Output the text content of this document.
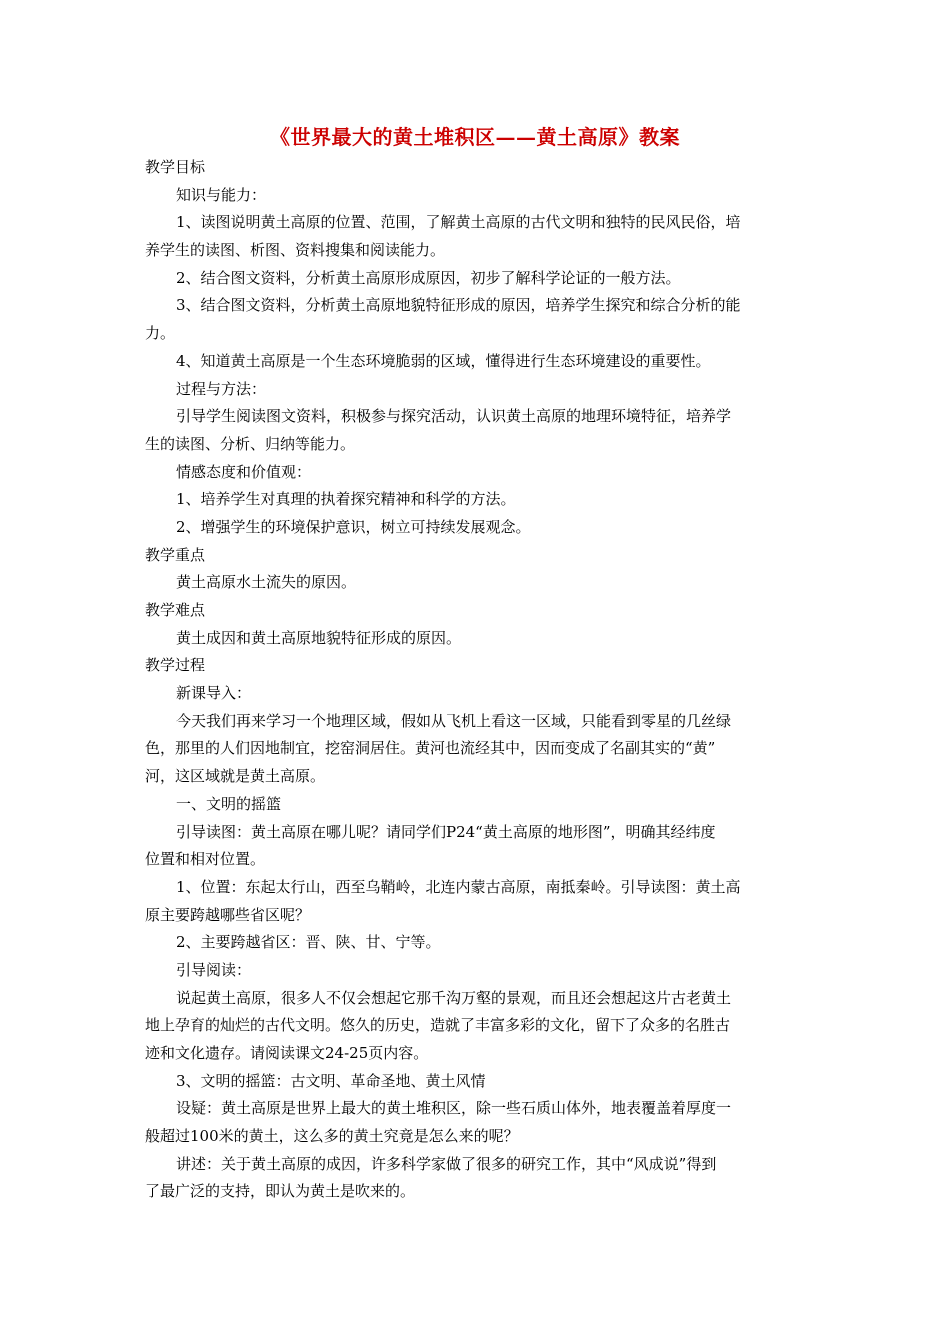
《世界最大的黄土堆积区——黄土高原》教案

教学目标

知识与能力：

1、读图说明黄土高原的位置、范围，了解黄土高原的古代文明和独特的民风民俗，培

养学生的读图、析图、资料搜集和阅读能力。

2、结合图文资料，分析黄土高原形成原因，初步了解科学论证的一般方法。

3、结合图文资料，分析黄土高原地貌特征形成的原因，培养学生探究和综合分析的能

力。

4、知道黄土高原是一个生态环境脆弱的区域，懂得进行生态环境建设的重要性。

过程与方法：

引导学生阅读图文资料，积极参与探究活动，认识黄土高原的地理环境特征，培养学

生的读图、分析、归纳等能力。

情感态度和价值观：

1、培养学生对真理的执着探究精神和科学的方法。

2、增强学生的环境保护意识，树立可持续发展观念。

教学重点

黄土高原水土流失的原因。

教学难点

黄土成因和黄土高原地貌特征形成的原因。

教学过程

新课导入：

今天我们再来学习一个地理区域，假如从飞机上看这一区域，只能看到零星的几丝绿

色，那里的人们因地制宜，挖窑洞居住。黄河也流经其中，因而变成了名副其实的“黄”

河，这区域就是黄土高原。

一、文明的摇篮

引导读图：黄土高原在哪儿呢？请同学们P24“黄土高原的地形图”，明确其经纬度

位置和相对位置。

1、位置：东起太行山，西至乌鞘岭，北连内蒙古高原，南抵秦岭。引导读图：黄土高

原主要跨越哪些省区呢？

2、主要跨越省区：晋、陕、甘、宁等。

引导阅读：

说起黄土高原，很多人不仅会想起它那千沟万壑的景观，而且还会想起这片古老黄土

地上孕育的灿烂的古代文明。悠久的历史，造就了丰富多彩的文化，留下了众多的名胜古

迹和文化遗存。请阅读课文24-25页内容。

3、文明的摇篮：古文明、革命圣地、黄土风情

设疑：黄土高原是世界上最大的黄土堆积区，除一些石质山体外，地表覆盖着厚度一

般超过100米的黄土，这么多的黄土究竟是怎么来的呢？

讲述：关于黄土高原的成因，许多科学家做了很多的研究工作，其中“风成说”得到

了最广泛的支持，即认为黄土是吹来的。
